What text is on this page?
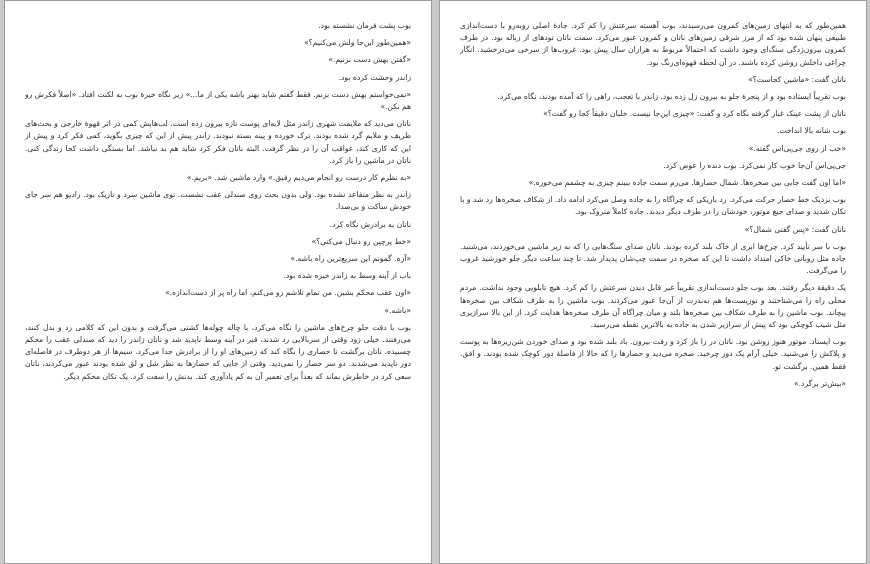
بوب پشت فرمان نشسته بود.

«همین‌طور این‌جا ولش می‌کنیم؟»

«گفتن بهش دست نزنیم.»

زاندر وحشت کرده بود.

«نمی‌خواستم بهش دست بزنم. فقط گفتم شاید بهتر باشه یکی از ما...» زیر نگاه خیرهٔ بوب به لکنت افتاد. «اصلاً فکرش رو هم نکن.»

ناتان می‌دید که ملایمت شهری زاندر مثل لایه‌ای پوست تازه بیرون زده است. لب‌هایش کمی در اثر قهوهٔ خارجی و بحث‌های ظریف و ملایم گرد شده بودند. ترک خورده و پینه بسته نبودند. زاندر پیش از این که چیزی بگوید، کمی فکر کرد و پیش از این که کاری کند، عواقب آن را در نظر گرفت. البته ناتان فکر کرد شاید هم بد نباشد. اما بستگی داشت کجا زندگی کنی. ناتان در ماشین را باز کرد.

«به نظرم کار درست رو انجام می‌دیم رفیق.» وارد ماشین شد. «بریم.»

زاندر به نظر متقاعد نشده بود. ولی بدون بحث روی صندلی عقب نشست. توی ماشین سرد و تاریک بود. رادیو هم سر جای خودش ساکت و بی‌صدا.

ناتان به برادرش نگاه کرد.

«خط پرچین رو دنبال می‌کنی؟»

«آره. گمونم این سریع‌ترین راه باشه.»

باب از آینه وسط به زاندر خیره شده بود.

«اون عقب محکم بشین. من تمام تلاشم رو می‌کنم، اما راه پر از دست‌اندازه.»

«باشه.»

بوب با دقت جلو چرخ‌های ماشین را نگاه می‌کرد، با چاله چوله‌ها کشتی می‌گرفت و بدون این که کلامی رد و بدل کنند، می‌رفتند. خیلی زود وقتی از سربالایی رد شدند، قبر در آینه وسط ناپدید شد و ناتان زاندر را دید که صندلی عقب را محکم چسبیده. ناتان برگشت تا حصاری را نگاه کند که زمین‌های او را از برادرش جدا می‌کرد. سیم‌ها از هر دوطرف در فاصله‌ای دور ناپدید می‌شدند. دو سر حصار را نمی‌دید. وقتی از جایی که حصارها به نظر شل و لق شده بودند عبور می‌کردند، ناتان سعی کرد در خاطرش بماند که بعداً برای تعمیر آن به کم یادآوری کند. بدنش را سفت کرد. یک تکان محکم دیگر.

همین‌طور که به انتهای زمین‌های کمرون می‌رسیدند، بوب آهسته سرعتش را کم کرد. جادهٔ اصلی روبه‌رو با دست‌اندازی طبیعی پنهان شده بود که از مرز شرقی زمین‌های ناتان و کمرون عبور می‌کرد. سمت ناتان تودهای از زباله بود. در طرف کمرون بیرون‌زدگی سنگ‌ای وجود داشت که احتمالاً مربوط به هزاران سال پیش بود. غروب‌ها از سرخی می‌درخشید. انگار چراغی داخلش روشن کرده باشند. در آن لحظه قهوه‌ای‌رنگ بود.

ناتان گفت: «ماشین کجاست؟»

بوب تقریباً ایستاده بود و از پنجرهٔ جلو به بیرون زل زده بود. زاندر با تعجب، راهی را که آمده بودند، نگاه می‌کرد.

ناتان از پشت عینک غبار گرفته نگاه کرد و گفت: «چیزی این‌جا نیست. خلبان دقیقاً کجا رو گفت؟»

بوب شانه بالا انداخت.

«خب از روی جی‌پی‌اس گفته.»

جی‌پی‌اس آن‌جا خوب کار نمی‌کرد. بوب دنده را عوض کرد.

«اما اون گفت جایی بین صخره‌ها. شمال حصارها. می‌رم سمت جاده ببینم چیزی به چشمم می‌خوره.»

بوب نزدیک خط حصار حرکت می‌کرد. رد باریکی که چراگاه را به جاده وصل می‌کرد ادامه داد. از شکاف صخره‌ها رد شد و با تکان شدید و صدای جیغ موتور، خودشان را در طرف دیگر دیدند. جاده کاملاً متروک بود.

ناتان گفت: «پس گفتی شمال؟»

بوب با سر تأیید کرد. چرخ‌ها ابری از خاک بلند کرده بودند. ناتان صدای سنگ‌هایی را که به زیر ماشین می‌خوردند، می‌شنید. جاده مثل روبانی خاکی امتداد داشت تا این که صخره در سمت چپ‌شان پدیدار شد. تا چند ساعت دیگر جلو خورشید غروب را می‌گرفت.

یک دقیقهٔ دیگر رفتند. بعد بوب جلو دست‌اندازی تقریباً غیر قابل دیدن سرعتش را کم کرد. هیچ تابلویی وجود نداشت. مردم محلی راه را می‌شناختند و توریست‌ها هم به‌ندرت از آن‌جا عبور می‌کردند. بوب ماشین را به طرف شکاف بین صخره‌ها پیچاند. بوب ماشین را به طرف شکاف بین صخره‌ها بلند و میان چراگاه آن طرف صخره‌ها هدایت کرد. از این بالا سرازیری مثل شیب کوچکی بود که پیش از سرازیر شدن به جاده به بالاترین نقطه می‌رسید.

بوب ایستاد. موتور هنوز روشن بود. ناتان در را باز کرد و رفت بیرون. باد بلند شده بود و صدای خوردن شن‌ریزه‌ها به پوست و پلاکش را می‌شنید. خیلی آرام یک دور چرخید. صخره می‌دید و حصارها را که حالا از فاصلهٔ دور کوچک شده بودند. و افق. فقط همین. برگشت تو.

«بیش‌تر برگرد.»
